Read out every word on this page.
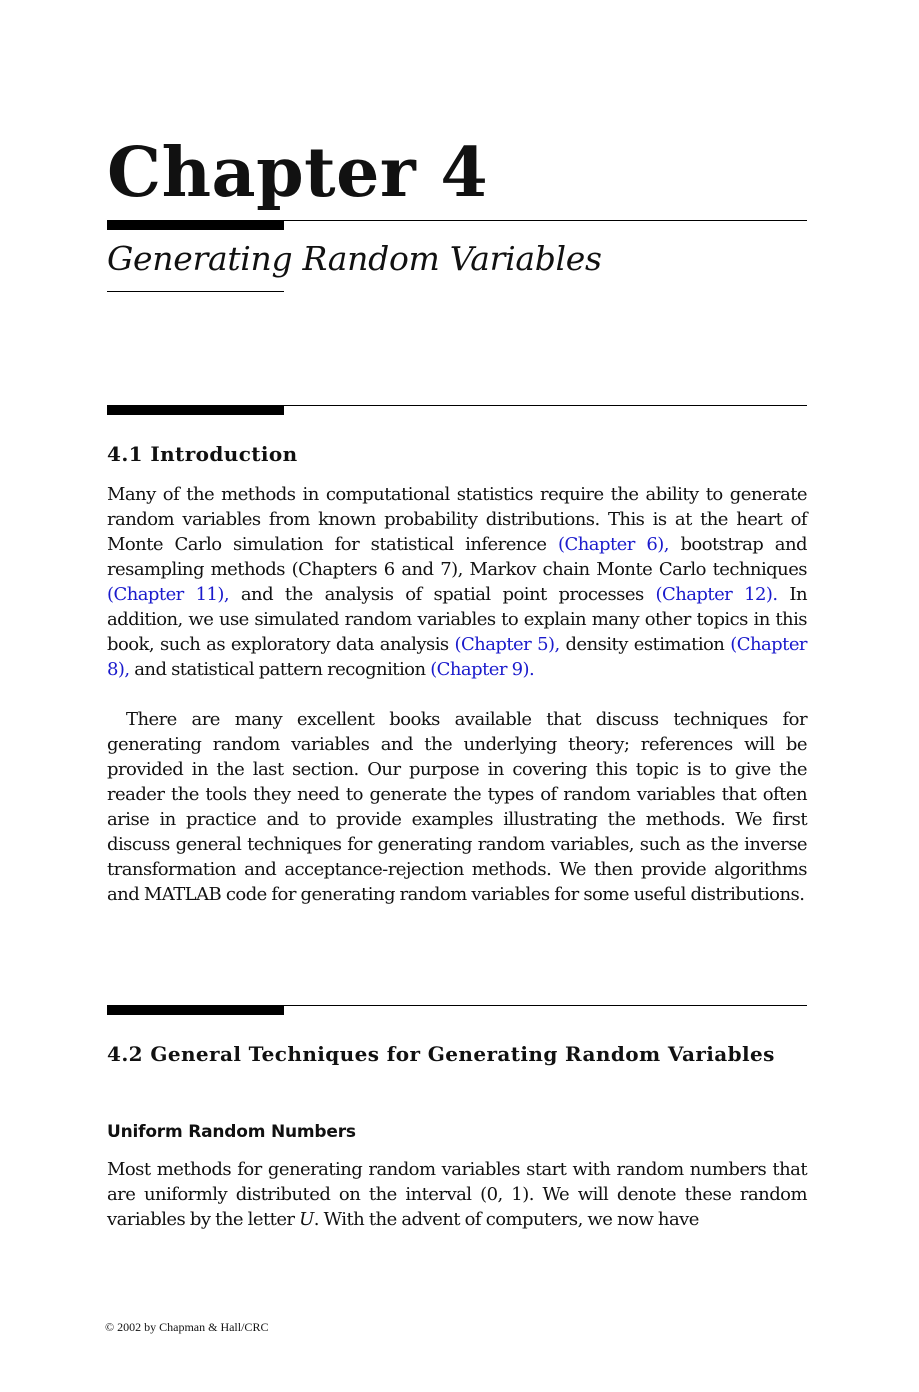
Chapter 4
Generating Random Variables
4.1 Introduction

Many of the methods in computational statistics require the ability to generate random variables from known probability distributions. This is at the heart of Monte Carlo simulation for statistical inference (Chapter 6), bootstrap and resampling methods (Chapters 6 and 7), Markov chain Monte Carlo techniques (Chapter 11), and the analysis of spatial point processes (Chapter 12). In addition, we use simulated random variables to explain many other topics in this book, such as exploratory data analysis (Chapter 5), density estimation (Chapter 8), and statistical pattern recognition (Chapter 9).

There are many excellent books available that discuss techniques for generating random variables and the underlying theory; references will be provided in the last section. Our purpose in covering this topic is to give the reader the tools they need to generate the types of random variables that often arise in practice and to provide examples illustrating the methods. We first discuss general techniques for generating random variables, such as the inverse transformation and acceptance-rejection methods. We then provide algorithms and MATLAB code for generating random variables for some useful distributions.

4.2 General Techniques for Generating Random Variables
Uniform Random Numbers

Most methods for generating random variables start with random numbers that are uniformly distributed on the interval (0, 1). We will denote these random variables by the letter U. With the advent of computers, we now have

© 2002 by Chapman & Hall/CRC
